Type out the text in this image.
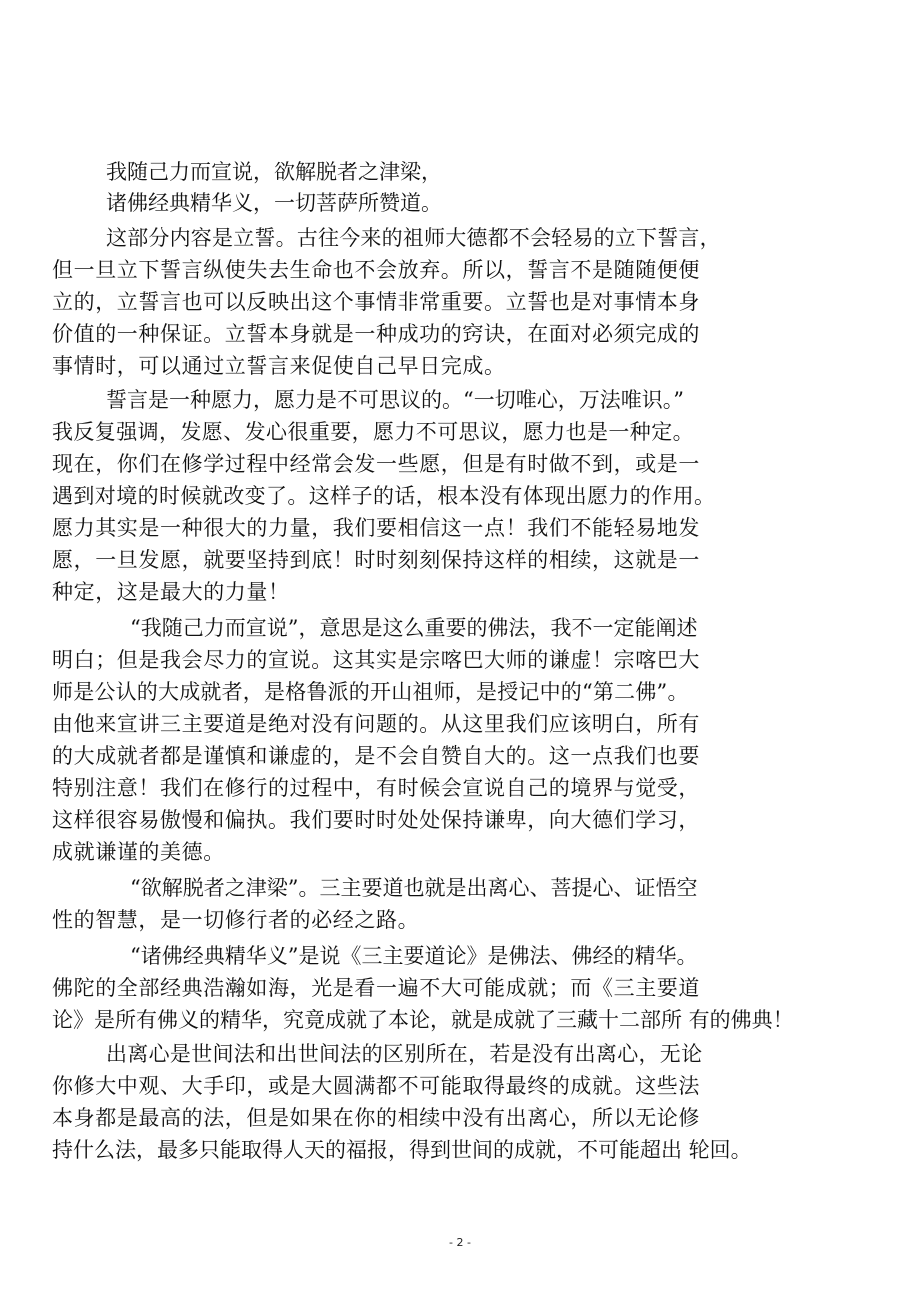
我随己力而宣说，欲解脱者之津梁，
诸佛经典精华义，一切菩萨所赞道。
这部分内容是立誓。古往今来的祖师大德都不会轻易的立下誓言，
但一旦立下誓言纵使失去生命也不会放弃。所以，誓言不是随随便便
立的，立誓言也可以反映出这个事情非常重要。立誓也是对事情本身
价值的一种保证。立誓本身就是一种成功的窍诀，在面对必须完成的
事情时，可以通过立誓言来促使自己早日完成。
誓言是一种愿力，愿力是不可思议的。“一切唯心，万法唯识。”
我反复强调，发愿、发心很重要，愿力不可思议，愿力也是一种定。
现在，你们在修学过程中经常会发一些愿，但是有时做不到，或是一
遇到对境的时候就改变了。这样子的话，根本没有体现出愿力的作用。
愿力其实是一种很大的力量，我们要相信这一点！我们不能轻易地发
愿，一旦发愿，就要坚持到底！时时刻刻保持这样的相续，这就是一
种定，这是最大的力量！
“我随己力而宣说”，意思是这么重要的佛法，我不一定能阐述
明白；但是我会尽力的宣说。这其实是宗喀巴大师的谦虚！宗喀巴大
师是公认的大成就者，是格鲁派的开山祖师，是授记中的“第二佛”。
由他来宣讲三主要道是绝对没有问题的。从这里我们应该明白，所有
的大成就者都是谨慎和谦虚的，是不会自赞自大的。这一点我们也要
特别注意！我们在修行的过程中，有时候会宣说自己的境界与觉受，
这样很容易傲慢和偏执。我们要时时处处保持谦卑，向大德们学习，
成就谦谨的美德。
“欲解脱者之津梁”。三主要道也就是出离心、菩提心、证悟空
性的智慧，是一切修行者的必经之路。
“诸佛经典精华义”是说《三主要道论》是佛法、佛经的精华。
佛陀的全部经典浩瀚如海，光是看一遍不大可能成就；而《三主要道
论》是所有佛义的精华，究竟成就了本论，就是成就了三藏十二部所 有的佛典！
出离心是世间法和出世间法的区别所在，若是没有出离心，无论
你修大中观、大手印，或是大圆满都不可能取得最终的成就。这些法
本身都是最高的法，但是如果在你的相续中没有出离心，所以无论修
持什么法，最多只能取得人天的福报，得到世间的成就，不可能超出 轮回。
- 2 -
